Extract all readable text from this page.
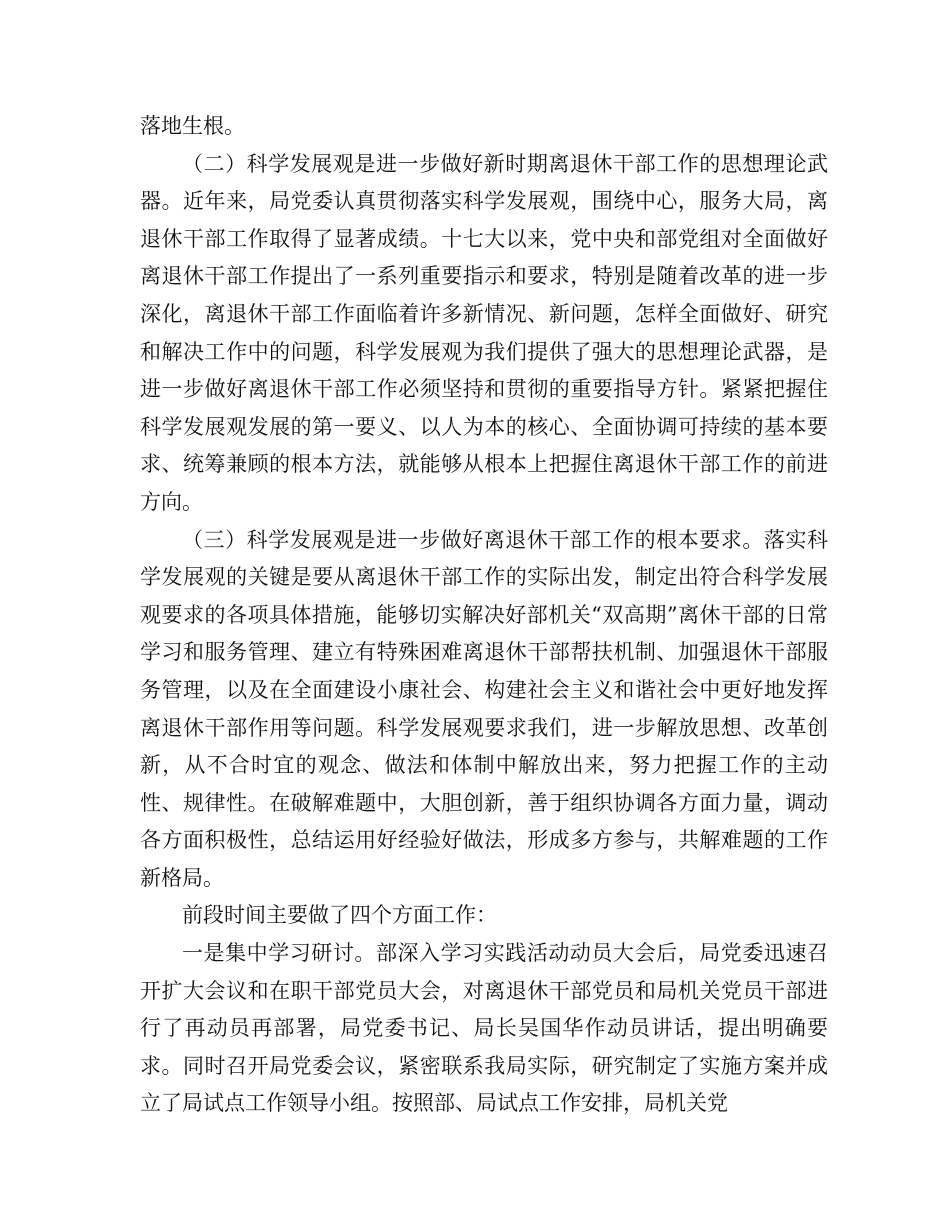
落地生根。

（二）科学发展观是进一步做好新时期离退休干部工作的思想理论武器。近年来，局党委认真贯彻落实科学发展观，围绕中心，服务大局，离退休干部工作取得了显著成绩。十七大以来，党中央和部党组对全面做好离退休干部工作提出了一系列重要指示和要求，特别是随着改革的进一步深化，离退休干部工作面临着许多新情况、新问题，怎样全面做好、研究和解决工作中的问题，科学发展观为我们提供了强大的思想理论武器，是进一步做好离退休干部工作必须坚持和贯彻的重要指导方针。紧紧把握住科学发展观发展的第一要义、以人为本的核心、全面协调可持续的基本要求、统筹兼顾的根本方法，就能够从根本上把握住离退休干部工作的前进方向。

（三）科学发展观是进一步做好离退休干部工作的根本要求。落实科学发展观的关键是要从离退休干部工作的实际出发，制定出符合科学发展观要求的各项具体措施，能够切实解决好部机关“双高期”离休干部的日常学习和服务管理、建立有特殊困难离退休干部帮扶机制、加强退休干部服务管理，以及在全面建设小康社会、构建社会主义和谐社会中更好地发挥离退休干部作用等问题。科学发展观要求我们，进一步解放思想、改革创新，从不合时宜的观念、做法和体制中解放出来，努力把握工作的主动性、规律性。在破解难题中，大胆创新，善于组织协调各方面力量，调动各方面积极性，总结运用好经验好做法，形成多方参与，共解难题的工作新格局。

前段时间主要做了四个方面工作：

一是集中学习研讨。部深入学习实践活动动员大会后，局党委迅速召开扩大会议和在职干部党员大会，对离退休干部党员和局机关党员干部进行了再动员再部署，局党委书记、局长吴国华作动员讲话，提出明确要求。同时召开局党委会议，紧密联系我局实际，研究制定了实施方案并成立了局试点工作领导小组。按照部、局试点工作安排，局机关党
